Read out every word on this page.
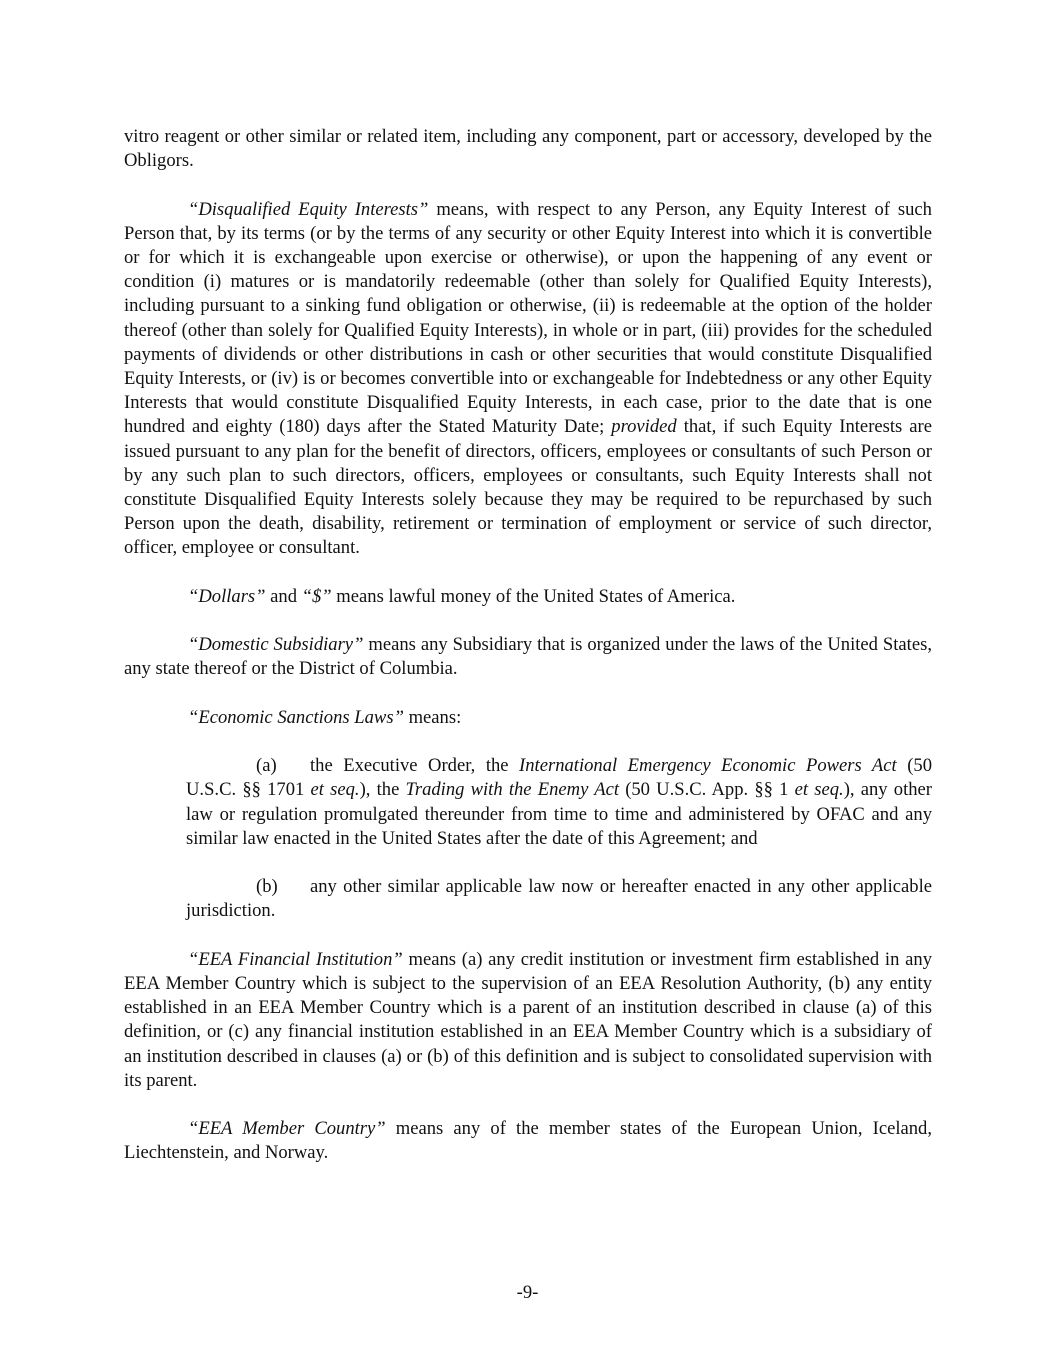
vitro reagent or other similar or related item, including any component, part or accessory, developed by the Obligors.

“Disqualified Equity Interests” means, with respect to any Person, any Equity Interest of such Person that, by its terms (or by the terms of any security or other Equity Interest into which it is convertible or for which it is exchangeable upon exercise or otherwise), or upon the happening of any event or condition (i) matures or is mandatorily redeemable (other than solely for Qualified Equity Interests), including pursuant to a sinking fund obligation or otherwise, (ii) is redeemable at the option of the holder thereof (other than solely for Qualified Equity Interests), in whole or in part, (iii) provides for the scheduled payments of dividends or other distributions in cash or other securities that would constitute Disqualified Equity Interests, or (iv) is or becomes convertible into or exchangeable for Indebtedness or any other Equity Interests that would constitute Disqualified Equity Interests, in each case, prior to the date that is one hundred and eighty (180) days after the Stated Maturity Date; provided that, if such Equity Interests are issued pursuant to any plan for the benefit of directors, officers, employees or consultants of such Person or by any such plan to such directors, officers, employees or consultants, such Equity Interests shall not constitute Disqualified Equity Interests solely because they may be required to be repurchased by such Person upon the death, disability, retirement or termination of employment or service of such director, officer, employee or consultant.

“Dollars” and “$” means lawful money of the United States of America.

“Domestic Subsidiary” means any Subsidiary that is organized under the laws of the United States, any state thereof or the District of Columbia.

“Economic Sanctions Laws” means:

(a) the Executive Order, the International Emergency Economic Powers Act (50 U.S.C. §§ 1701 et seq.), the Trading with the Enemy Act (50 U.S.C. App. §§ 1 et seq.), any other law or regulation promulgated thereunder from time to time and administered by OFAC and any similar law enacted in the United States after the date of this Agreement; and

(b) any other similar applicable law now or hereafter enacted in any other applicable jurisdiction.

“EEA Financial Institution” means (a) any credit institution or investment firm established in any EEA Member Country which is subject to the supervision of an EEA Resolution Authority, (b) any entity established in an EEA Member Country which is a parent of an institution described in clause (a) of this definition, or (c) any financial institution established in an EEA Member Country which is a subsidiary of an institution described in clauses (a) or (b) of this definition and is subject to consolidated supervision with its parent.

“EEA Member Country” means any of the member states of the European Union, Iceland, Liechtenstein, and Norway.

-9-
